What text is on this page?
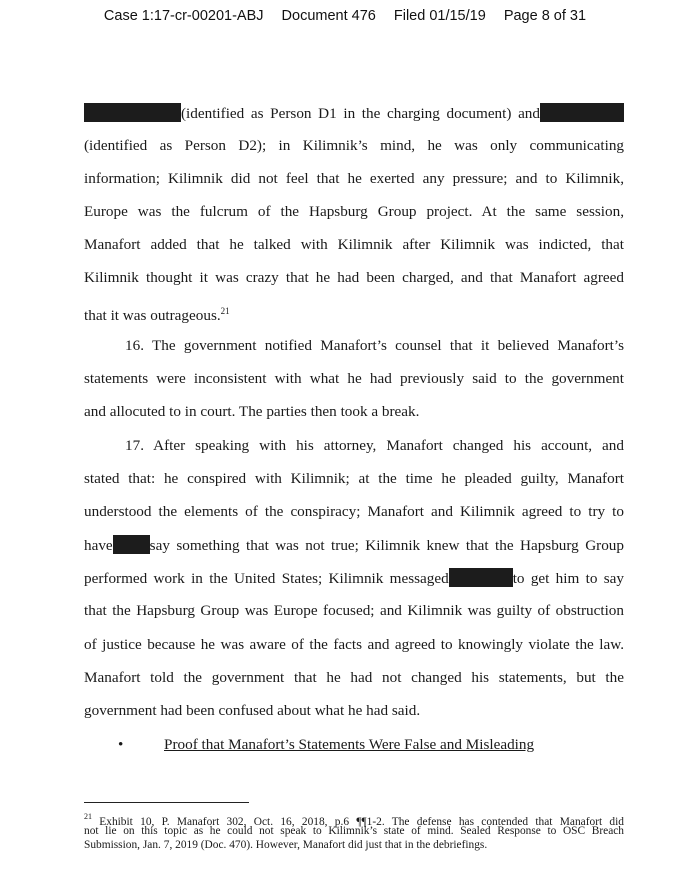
Case 1:17-cr-00201-ABJ Document 476 Filed 01/15/19 Page 8 of 31
(identified as Person D1 in the charging document) and
(identified as Person D2); in Kilimnik’s mind, he was only communicating
information; Kilimnik did not feel that he exerted any pressure; and to Kilimnik,
Europe was the fulcrum of the Hapsburg Group project. At the same session,
Manafort added that he talked with Kilimnik after Kilimnik was indicted, that
Kilimnik thought it was crazy that he had been charged, and that Manafort agreed
that it was outrageous.$^{21}$
16. The government notified Manafort’s counsel that it believed Manafort’s
statements were inconsistent with what he had previously said to the government
and allocuted to in court. The parties then took a break.
17. After speaking with his attorney, Manafort changed his account, and
stated that: he conspired with Kilimnik; at the time he pleaded guilty, Manafort
understood the elements of the conspiracy; Manafort and Kilimnik agreed to try to
have say something that was not true; Kilimnik knew that the Hapsburg Group
performed work in the United States; Kilimnik messaged	to get him to say
that the Hapsburg Group was Europe focused; and Kilimnik was guilty of obstruction
of justice because he was aware of the facts and agreed to knowingly violate the law.
Manafort told the government that he had not changed his statements, but the
government had been confused about what he had said.
•	Proof that Manafort’s Statements Were False and Misleading
$^{21}$ Exhibit 10, P. Manafort 302, Oct. 16, 2018, p.6 ¶¶1-2. The defense has contended that Manafort did
not lie on this topic as he could not speak to Kilimnik’s state of mind. Sealed Response to OSC Breach
Submission, Jan. 7, 2019 (Doc. 470). However, Manafort did just that in the debriefings.
